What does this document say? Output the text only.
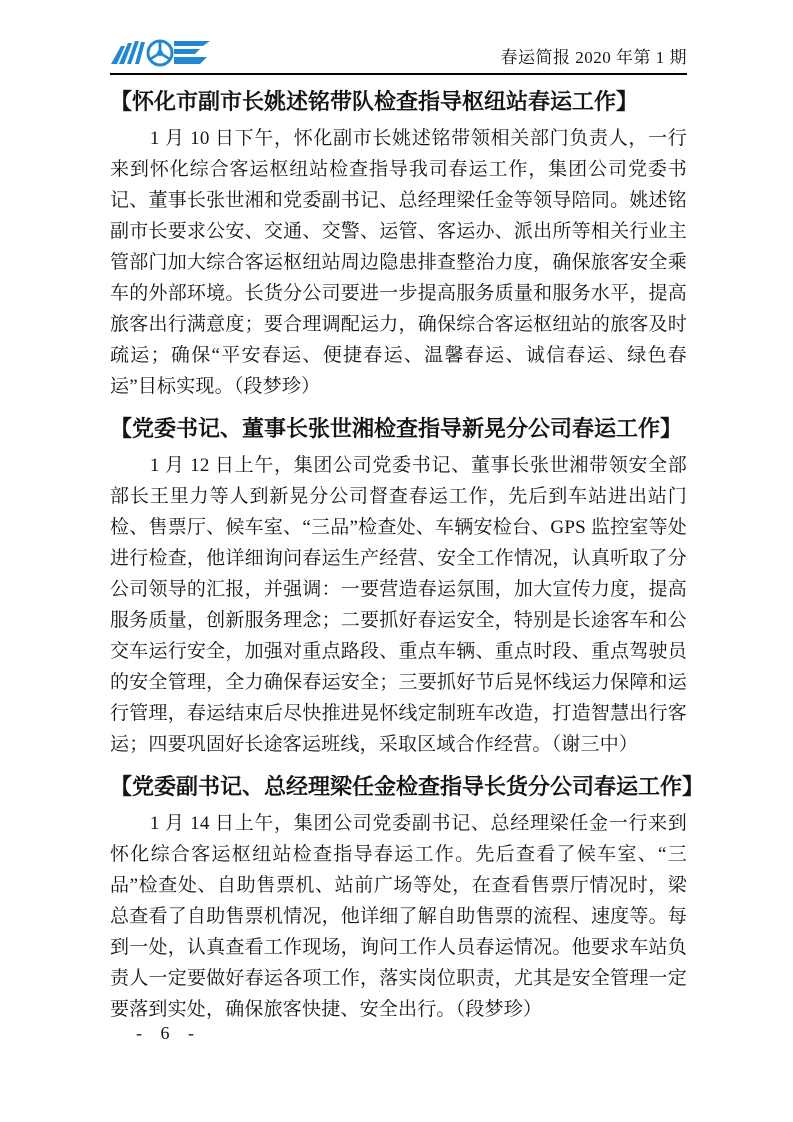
春运简报 2020 年第 1 期
【怀化市副市长姚述铭带队检查指导枢纽站春运工作】

1 月 10 日下午，怀化副市长姚述铭带领相关部门负责人，一行来到怀化综合客运枢纽站检查指导我司春运工作，集团公司党委书记、董事长张世湘和党委副书记、总经理梁任金等领导陪同。姚述铭副市长要求公安、交通、交警、运管、客运办、派出所等相关行业主管部门加大综合客运枢纽站周边隐患排查整治力度，确保旅客安全乘车的外部环境。长货分公司要进一步提高服务质量和服务水平，提高旅客出行满意度；要合理调配运力，确保综合客运枢纽站的旅客及时疏运；确保“平安春运、便捷春运、温馨春运、诚信春运、绿色春运”目标实现。（段梦珍）

【党委书记、董事长张世湘检查指导新晃分公司春运工作】

1 月 12 日上午，集团公司党委书记、董事长张世湘带领安全部部长王里力等人到新晃分公司督查春运工作，先后到车站进出站门检、售票厅、候车室、“三品”检查处、车辆安检台、GPS 监控室等处进行检查，他详细询问春运生产经营、安全工作情况，认真听取了分公司领导的汇报，并强调：一要营造春运氛围，加大宣传力度，提高服务质量，创新服务理念；二要抓好春运安全，特别是长途客车和公交车运行安全，加强对重点路段、重点车辆、重点时段、重点驾驶员的安全管理，全力确保春运安全；三要抓好节后晃怀线运力保障和运行管理，春运结束后尽快推进晃怀线定制班车改造，打造智慧出行客运；四要巩固好长途客运班线，采取区域合作经营。（谢三中）

【党委副书记、总经理梁任金检查指导长货分公司春运工作】

1 月 14 日上午，集团公司党委副书记、总经理梁任金一行来到怀化综合客运枢纽站检查指导春运工作。先后查看了候车室、“三品”检查处、自助售票机、站前广场等处，在查看售票厅情况时，梁总查看了自助售票机情况，他详细了解自助售票的流程、速度等。每到一处，认真查看工作现场，询问工作人员春运情况。他要求车站负责人一定要做好春运各项工作，落实岗位职责，尤其是安全管理一定要落到实处，确保旅客快捷、安全出行。（段梦珍）

- 6 -
